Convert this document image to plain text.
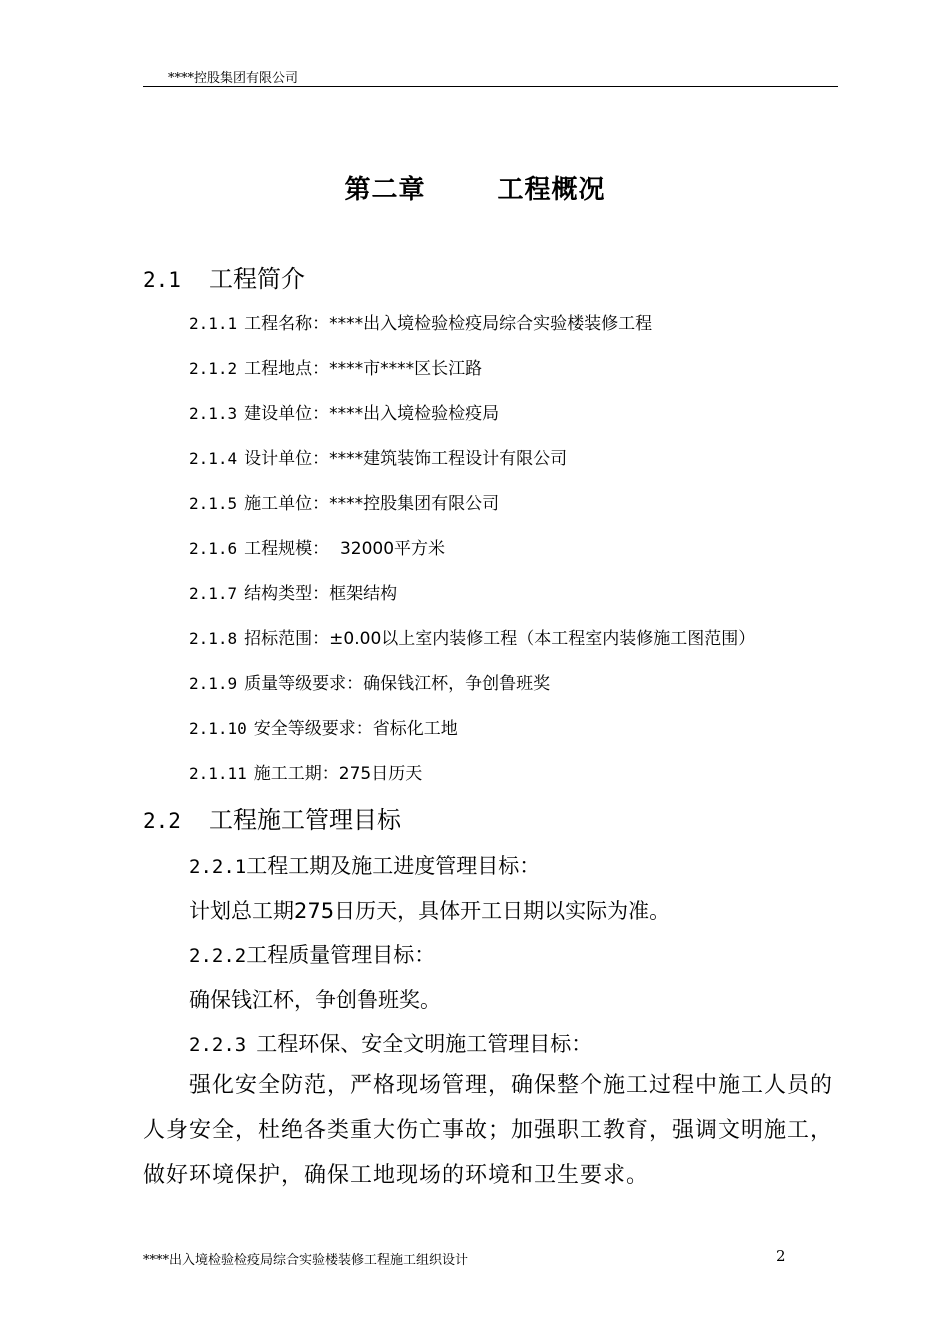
****控股集团有限公司
第二章	工程概况
2.1 工程简介
2.1.1 工程名称：****出入境检验检疫局综合实验楼装修工程
2.1.2 工程地点：****市****区长江路
2.1.3 建设单位：****出入境检验检疫局
2.1.4 设计单位：****建筑装饰工程设计有限公司
2.1.5 施工单位：****控股集团有限公司
2.1.6 工程规模：  32000平方米
2.1.7 结构类型：框架结构
2.1.8 招标范围：±0.00以上室内装修工程（本工程室内装修施工图范围）
2.1.9 质量等级要求：确保钱江杯，争创鲁班奖
2.1.10 安全等级要求：省标化工地
2.1.11 施工工期：275日历天
2.2 工程施工管理目标
2.2.1工程工期及施工进度管理目标：
计划总工期275日历天，具体开工日期以实际为准。
2.2.2工程质量管理目标：
确保钱江杯，争创鲁班奖。
2.2.3 工程环保、安全文明施工管理目标：
强化安全防范，严格现场管理，确保整个施工过程中施工人员的人身安全，杜绝各类重大伤亡事故；加强职工教育，强调文明施工，做好环境保护，确保工地现场的环境和卫生要求。
****出入境检验检疫局综合实验楼装修工程施工组织设计	2
